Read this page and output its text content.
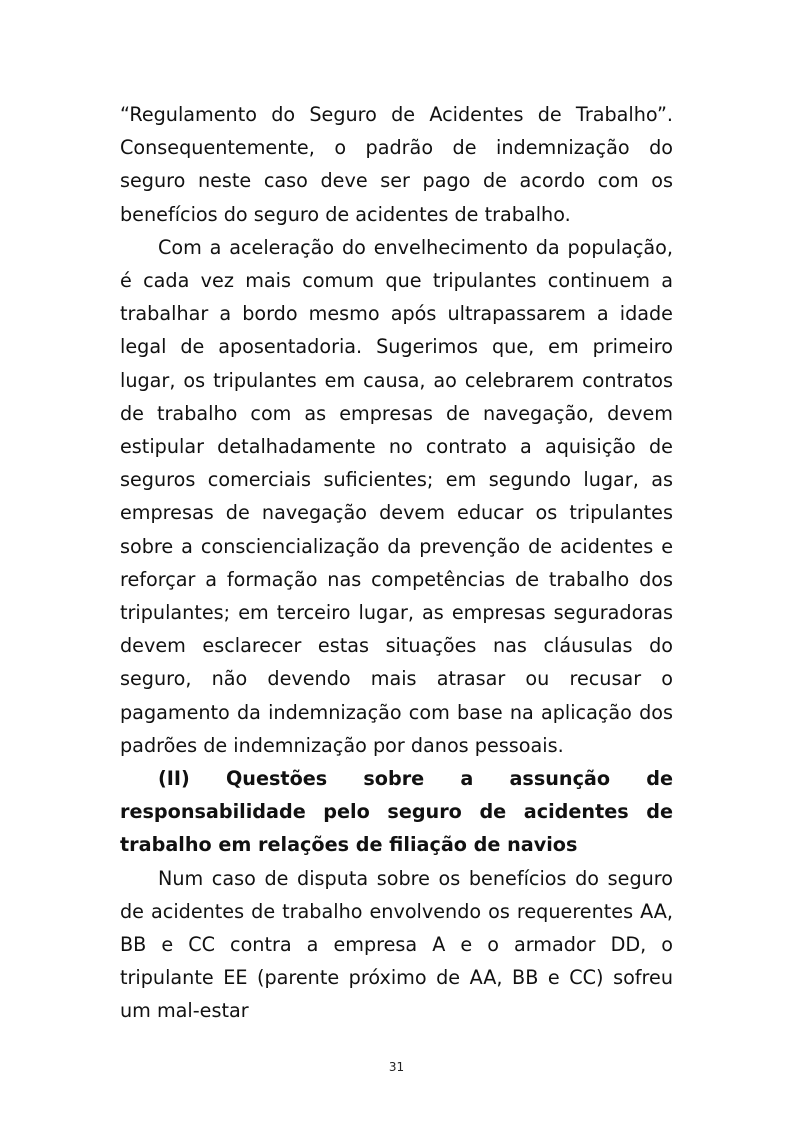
“Regulamento do Seguro de Acidentes de Trabalho”. Consequentemente, o padrão de indemnização do seguro neste caso deve ser pago de acordo com os benefícios do seguro de acidentes de trabalho.

Com a aceleração do envelhecimento da população, é cada vez mais comum que tripulantes continuem a trabalhar a bordo mesmo após ultrapassarem a idade legal de aposentadoria. Sugerimos que, em primeiro lugar, os tripulantes em causa, ao celebrarem contratos de trabalho com as empresas de navegação, devem estipular detalhadamente no contrato a aquisição de seguros comerciais suficientes; em segundo lugar, as empresas de navegação devem educar os tripulantes sobre a consciencialização da prevenção de acidentes e reforçar a formação nas competências de trabalho dos tripulantes; em terceiro lugar, as empresas seguradoras devem esclarecer estas situações nas cláusulas do seguro, não devendo mais atrasar ou recusar o pagamento da indemnização com base na aplicação dos padrões de indemnização por danos pessoais.

(II) Questões sobre a assunção de responsabilidade pelo seguro de acidentes de trabalho em relações de filiação de navios

Num caso de disputa sobre os benefícios do seguro de acidentes de trabalho envolvendo os requerentes AA, BB e CC contra a empresa A e o armador DD, o tripulante EE (parente próximo de AA, BB e CC) sofreu um mal-estar

31
